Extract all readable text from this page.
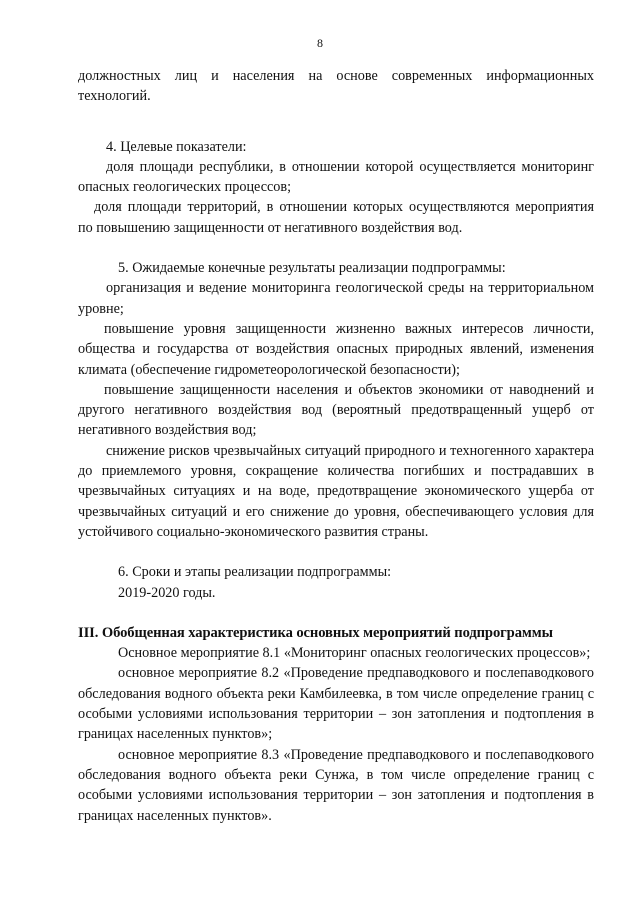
8

должностных лиц и населения на основе современных информационных технологий.

4. Целевые показатели:

доля площади республики, в отношении которой осуществляется мониторинг опасных геологических процессов;

доля площади территорий, в отношении которых осуществляются мероприятия по повышению защищенности от негативного воздействия вод.

5. Ожидаемые конечные результаты реализации подпрограммы:

организация и ведение мониторинга геологической среды на территориальном уровне;

повышение уровня защищенности жизненно важных интересов личности, общества и государства от воздействия опасных природных явлений, изменения климата (обеспечение гидрометеорологической безопасности);

повышение защищенности населения и объектов экономики от наводнений и другого негативного воздействия вод (вероятный предотвращенный ущерб от негативного воздействия вод;

снижение рисков чрезвычайных ситуаций природного и техногенного характера до приемлемого уровня, сокращение количества погибших и пострадавших в чрезвычайных ситуациях и на воде, предотвращение экономического ущерба от чрезвычайных ситуаций и его снижение до уровня, обеспечивающего условия для устойчивого социально-экономического развития страны.

6. Сроки и этапы реализации подпрограммы:

2019-2020 годы.

III. Обобщенная характеристика основных мероприятий подпрограммы

Основное мероприятие 8.1 «Мониторинг опасных геологических процессов»;

основное мероприятие 8.2 «Проведение предпаводкового и послепаводкового обследования водного объекта реки Камбилеевка, в том числе определение границ с особыми условиями использования территории – зон затопления и подтопления в границах населенных пунктов»;

основное мероприятие 8.3 «Проведение предпаводкового и послепаводкового обследования водного объекта реки Сунжа, в том числе определение границ с особыми условиями использования территории – зон затопления и подтопления в границах населенных пунктов».
